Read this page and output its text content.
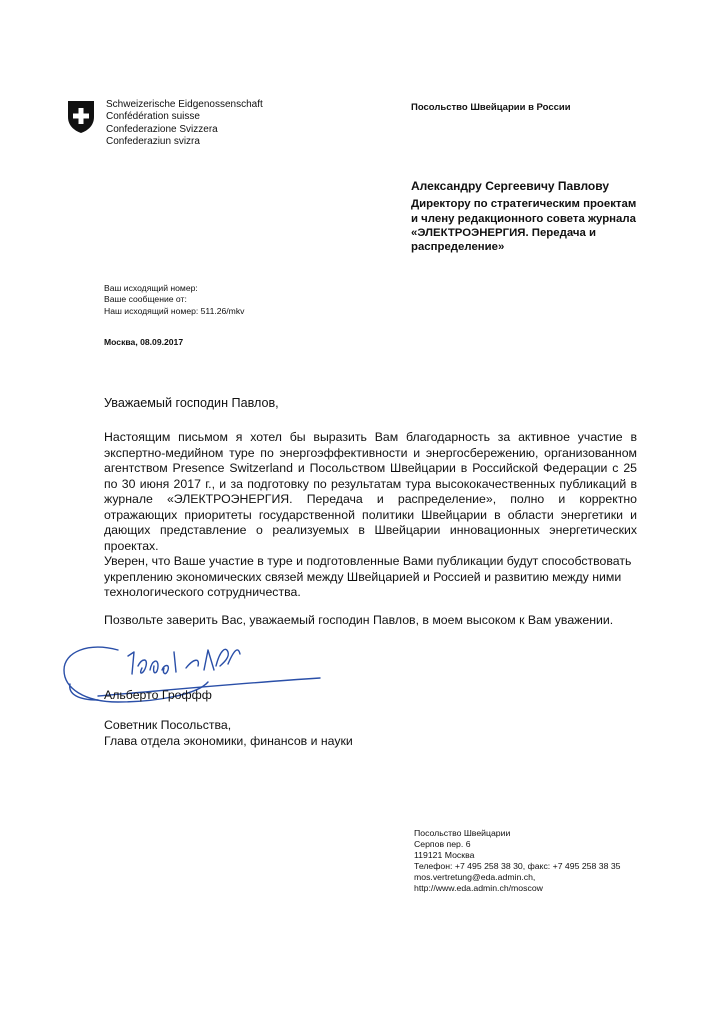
Schweizerische Eidgenossenschaft
Confédération suisse
Confederazione Svizzera
Confederaziun svizra
Посольство Швейцарии в России
Александру Сергеевичу Павлову
Директору по стратегическим проектам и члену редакционного совета журнала «ЭЛЕКТРОЭНЕРГИЯ. Передача и распределение»
Ваш исходящий номер:
Ваше сообщение от:
Наш исходящий номер: 511.26/mkv
Москва, 08.09.2017
Уважаемый господин Павлов,
Настоящим письмом я хотел бы выразить Вам благодарность за активное участие в экспертно-медийном туре по энергоэффективности и энергосбережению, организованном агентством Presence Switzerland и Посольством Швейцарии в Российской Федерации с 25 по 30 июня 2017 г., и за подготовку по результатам тура высококачественных публикаций в журнале «ЭЛЕКТРОЭНЕРГИЯ. Передача и распределение», полно и корректно отражающих приоритеты государственной политики Швейцарии в области энергетики и дающих представление о реализуемых в Швейцарии инновационных энергетических проектах.
Уверен, что Ваше участие в туре и подготовленные Вами публикации будут способствовать укреплению экономических связей между Швейцарией и Россией и развитию между ними технологического сотрудничества.
Позвольте заверить Вас, уважаемый господин Павлов, в моем высоком к Вам уважении.
Альберто Гроффф
Советник Посольства,
Глава отдела экономики, финансов и науки
Посольство Швейцарии
Серпов пер. 6
119121 Москва
Телефон: +7 495 258 38 30, факс: +7 495 258 38 35
mos.vertretung@eda.admin.ch,
http://www.eda.admin.ch/moscow
